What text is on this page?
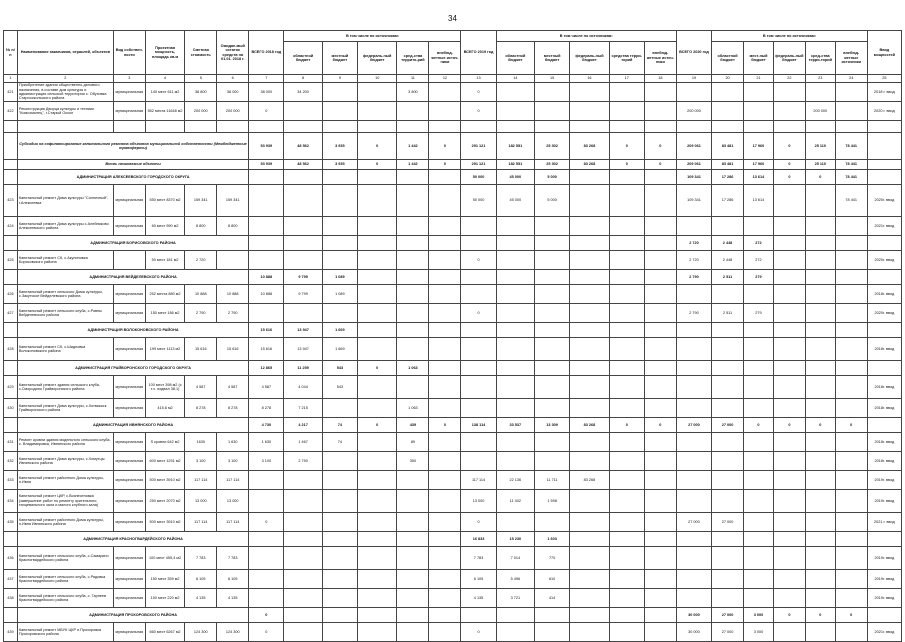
34
№ п/п	Наименование заказчиков, отраслей, объектов	Вид собствен-ности	Проектная мощность, площадь кв.м	Сметная стоимость	Ожидае-мый остаток средств на 01.01. 2018 г.	ВСЕГО 2018 год	В том числе по источникам:					ВСЕГО 2019 год	В том числе по источникам:					ВСЕГО 2020 год	В том числе по источникам:					Ввод мощностей
							областной бюджет	местный бюджет	федераль-ный бюджет	сред-ства террито-рий	внебюд-жетные источ-ники		областной бюджет	местный бюджет	федераль-ный бюджет	средства терри-торий	внебюд-жетные источ-ники		областной бюджет	мест-ный бюджет	федераль-ный бюджет	сред-ства терри-торий	внебюд-жетные источники	
1	2	3	4	5	6	7	8	9	10	11	12	13	14	15	16	17	18	19	20	21	22	23	24	25
421	Приобретение здания общественно-делового назначения, в составе дом культуры и администрация сельской территории с. Обуховка Старооскольского района	муниципальная	140 мест 611 м2	38 800	38 000	38 000	34 200			3 800		0												2018 г. ввод
422	Реконструкция Дворца культуры и техники "Комсомолец", г.Старый Оскол	муниципальная	552 места 11648 м2	200 000	200 000	0						0						200 000				200 000		2020 г. ввод

	Субсидии на софинансирование капитального ремонта объектов муниципальной собственности (Межбюджетные трансферты)					53 939	48 562	3 935	0	1 442	0	291 121	182 551	25 302	83 268	0	0	209 061	83 481	17 960	0	25 110	78 441	
	Вновь начинаемые объекты					53 939	48 562	3 935	0	1 442	0	291 121	182 551	25 302	83 268	0	0	209 061	83 481	17 960	0	25 110	78 441	
	АДМИНИСТРАЦИЯ АЛЕКСЕЕВСКОГО ГОРОДСКОГО ОКРУГА											50 000	45 000	5 000				109 341	17 286	13 614	0	0	78 441	
423	Капитальный ремонт Дома культуры "Солнечный", г.Алексеевка	муниципальная	550 мест 8370 м2	159 341	159 341							50 000	45 000	5 000				109 341	17 286	13 614			78 441	2020г. ввод
424	Капитальный ремонт Дома культуры с.Алейниково Алексеевского района	муниципальная	60 мест 590 м2	8 800	8 800																			2021г. ввод
	АДМИНИСТРАЦИЯ БОРИСОВСКОГО РАЙОНА																	2 720	2 448	272				
425	Капитальный ремонт СК, с.Акулиновка Борисовского района		50 мест 181 м2	2 720								0						2 720	2 448	272				2020г. ввод
	АДМИНИСТРАЦИЯ ВЕЙДЕЛЕВСКОГО РАЙОНА					10 888	9 799	1 089										2 790	2 511	279				
426	Капитальный ремонт сельского Дома культуры, с.Закутское Вейделевского района	муниципальная	252 места 880 м2	10 888	10 888	10 888	9 799	1 089																2018г. ввод
427	Капитальный ремонт сельского клуба, с.Ровны Вейделевского района	муниципальная	150 мест 186 м2	2 790	2 790							0						2 790	2 511	279				2020г. ввод
	АДМИНИСТРАЦИЯ ВОЛОКОНОВСКОГО РАЙОНА					15 616	13 947	1 669																
428	Капитальный ремонт СК, с.Шидловка Волоконовского района	муниципальная	199 мест 1113 м2	15 616	15 616	15 616	13 947	1 669																2018г. ввод
	АДМИНИСТРАЦИЯ ГРАЙВОРОНСКОГО ГОРОДСКОГО ОКРУГА					12 865	11 259	543	0	1 063														
429	Капитальный ремонт здания сельского клуба, с.Смородино Грайворонского района	муниципальная	100 мест 398 м2 (с т.ч. подвал 38,1)	4 587	4 587	4 587	4 044	543																2018г. ввод
430	Капитальный ремонт Дома культуры, с.Хотмыжск Грайворонского района	муниципальная	415,6 м2	8 278	8 278	8 278	7 215			1 063														2018г. ввод
	АДМИНИСТРАЦИЯ ИВНЯНСКОГО РАЙОНА					4 730	4 217	74	0	439	0	138 114	33 537	13 309	83 268	0	0	27 000	27 000	0	0	0	0	
431	Ремонт кровли здания модельного сельского клуба, с. Владимировка, Ивнянского района	муниципальная	S кровли 642 м2	1630	1 630	1 630	1 467	74		89														2018г. ввод
432	Капитальный ремонт Дома культуры, с.Хомутцы Ивнянского района	муниципальная	600 мест 1291 м2	3 100	3 100	3 100	2 750			350														2018г. ввод
433	Капитальный ремонт районного Дома культуры, п.Ивня	муниципальная	500 мест 3910 м2	117 114	117 114							117 114	22 136	11 711	83 268									2019г. ввод
434	Капитальный ремонт ЦКР, с.Вознесеновка (завершение работ по ремонту зрительного, танцевального зала и малого клубного зала)	муниципальная	250 мест 2070 м2	13 000	13 000							13 000	11 402	1 598										2019г. ввод
435	Капитальный ремонт районного Дома культуры, п.Ивня Ивнянского района	муниципальная	500 мест 3910 м2	117 114	117 114	0						0						27 000	27 000					2021 г. ввод
	АДМИНИСТРАЦИЯ КРАСНОГВАРДЕЙСКОГО РАЙОНА											16 833	15 230	1 603										
436	Капитальный ремонт сельского клуба, с.Самарино Красногвардейского района	муниципальная	100 мест 455,4 м2	7 783	7 783							7 783	7 014	770										2019г. ввод
437	Капитальный ремонт сельского клуба, с.Рядовка Красногвардейского района	муниципальная	150 мест 359 м2	6 105	6 105							6 105	5 496	610										2019г. ввод
438	Капитальный ремонт сельского клуба, с. Гарнеев Красногвардейского района	муниципальная	100 мест 220 м2	4 135	4 135							4 135	3 721	414										2019г. ввод
	АДМИНИСТРАЦИЯ ПРОХОРОВСКОГО РАЙОНА					0												30 000	27 000	3 000	0	0	0	
439	Капитальный ремонт МБУК ЦКР п.Прохоровка Прохоровского района	муниципальная	660 мест 6267 м2	124 300	124 300	0						0						30 000	27 000	3 000				2021г. ввод
